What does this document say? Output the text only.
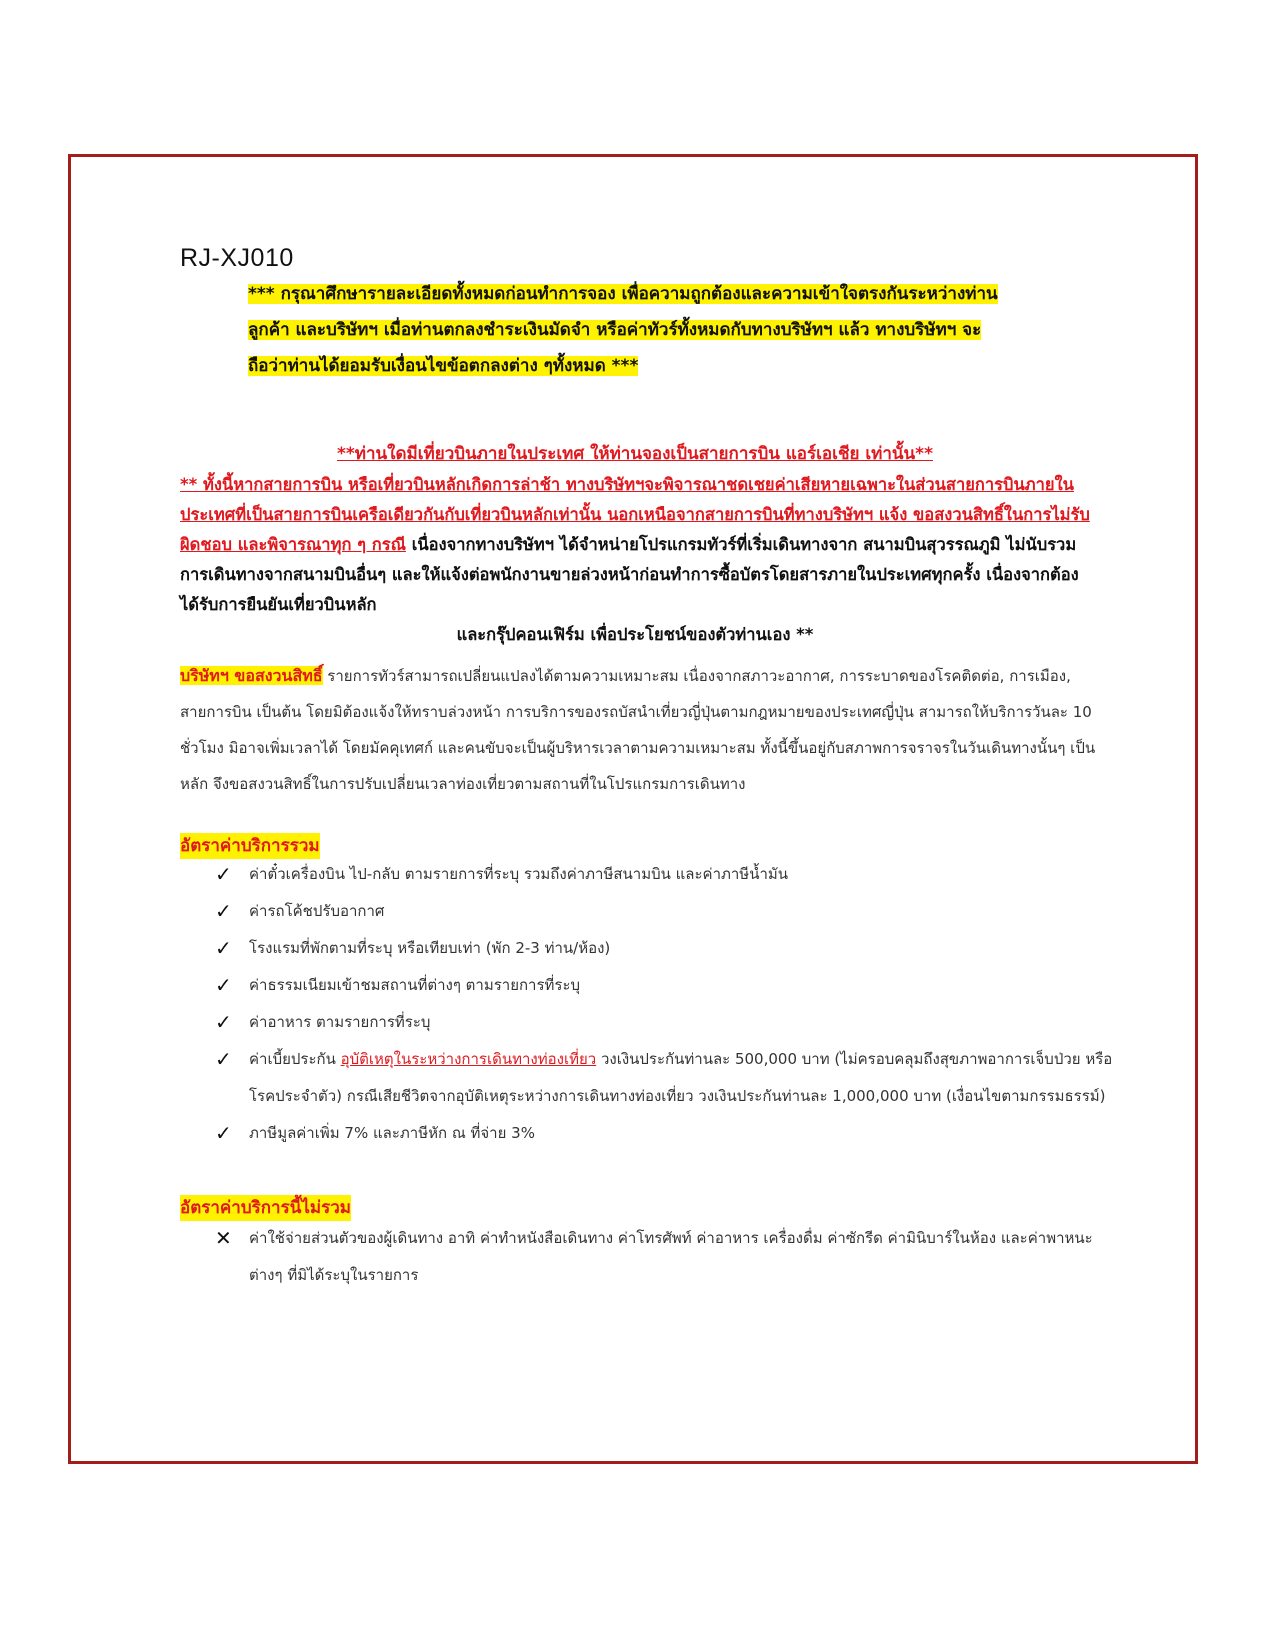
RJ-XJ010
*** กรุณาศึกษารายละเอียดทั้งหมดก่อนทำการจอง เพื่อความถูกต้องและความเข้าใจตรงกันระหว่างท่าน
ลูกค้า และบริษัทฯ เมื่อท่านตกลงชำระเงินมัดจำ หรือค่าทัวร์ทั้งหมดกับทางบริษัทฯ แล้ว ทางบริษัทฯ จะ
ถือว่าท่านได้ยอมรับเงื่อนไขข้อตกลงต่าง ๆทั้งหมด ***
**ท่านใดมีเที่ยวบินภายในประเทศ ให้ท่านจองเป็นสายการบิน แอร์เอเชีย เท่านั้น**
** ทั้งนี้หากสายการบิน หรือเที่ยวบินหลักเกิดการล่าช้า ทางบริษัทฯจะพิจารณาชดเชยค่าเสียหายเฉพาะในส่วนสายการบินภายในประเทศที่เป็นสายการบินเครือเดียวกันกับเที่ยวบินหลักเท่านั้น นอกเหนือจากสายการบินที่ทางบริษัทฯ แจ้ง ขอสงวนสิทธิ์ในการไม่รับผิดชอบ และพิจารณาทุก ๆ กรณี เนื่องจากทางบริษัทฯ ได้จำหน่ายโปรแกรมทัวร์ที่เริ่มเดินทางจาก สนามบินสุวรรณภูมิ ไม่นับรวมการเดินทางจากสนามบินอื่นๆ และให้แจ้งต่อพนักงานขายล่วงหน้าก่อนทำการซื้อบัตรโดยสารภายในประเทศทุกครั้ง เนื่องจากต้องได้รับการยืนยันเที่ยวบินหลัก
และกรุ๊ปคอนเฟิร์ม เพื่อประโยชน์ของตัวท่านเอง **
บริษัทฯ ขอสงวนสิทธิ์ รายการทัวร์สามารถเปลี่ยนแปลงได้ตามความเหมาะสม เนื่องจากสภาวะอากาศ, การระบาดของโรคติดต่อ, การเมือง, สายการบิน เป็นต้น โดยมิต้องแจ้งให้ทราบล่วงหน้า การบริการของรถบัสนำเที่ยวญี่ปุ่นตามกฎหมายของประเทศญี่ปุ่น สามารถให้บริการวันละ 10 ชั่วโมง มิอาจเพิ่มเวลาได้ โดยมัคคุเทศก์ และคนขับจะเป็นผู้บริหารเวลาตามความเหมาะสม ทั้งนี้ขึ้นอยู่กับสภาพการจราจรในวันเดินทางนั้นๆ เป็นหลัก จึงขอสงวนสิทธิ์ในการปรับเปลี่ยนเวลาท่องเที่ยวตามสถานที่ในโปรแกรมการเดินทาง
อัตราค่าบริการรวม
✓ ค่าตั๋วเครื่องบิน ไป-กลับ ตามรายการที่ระบุ รวมถึงค่าภาษีสนามบิน และค่าภาษีน้ำมัน
✓ ค่ารถโค้ชปรับอากาศ
✓ โรงแรมที่พักตามที่ระบุ หรือเทียบเท่า (พัก 2-3 ท่าน/ห้อง)
✓ ค่าธรรมเนียมเข้าชมสถานที่ต่างๆ ตามรายการที่ระบุ
✓ ค่าอาหาร ตามรายการที่ระบุ
✓ ค่าเบี้ยประกัน อุบัติเหตุในระหว่างการเดินทางท่องเที่ยว วงเงินประกันท่านละ 500,000 บาท (ไม่ครอบคลุมถึงสุขภาพอาการเจ็บป่วย หรือโรคประจำตัว) กรณีเสียชีวิตจากอุบัติเหตุระหว่างการเดินทางท่องเที่ยว วงเงินประกันท่านละ 1,000,000 บาท (เงื่อนไขตามกรรมธรรม์)
✓ ภาษีมูลค่าเพิ่ม 7% และภาษีหัก ณ ที่จ่าย 3%
อัตราค่าบริการนี้ไม่รวม
✕ ค่าใช้จ่ายส่วนตัวของผู้เดินทาง อาทิ ค่าทำหนังสือเดินทาง ค่าโทรศัพท์ ค่าอาหาร เครื่องดื่ม ค่าซักรีด ค่ามินิบาร์ในห้อง และค่าพาหนะต่างๆ ที่มิได้ระบุในรายการ
